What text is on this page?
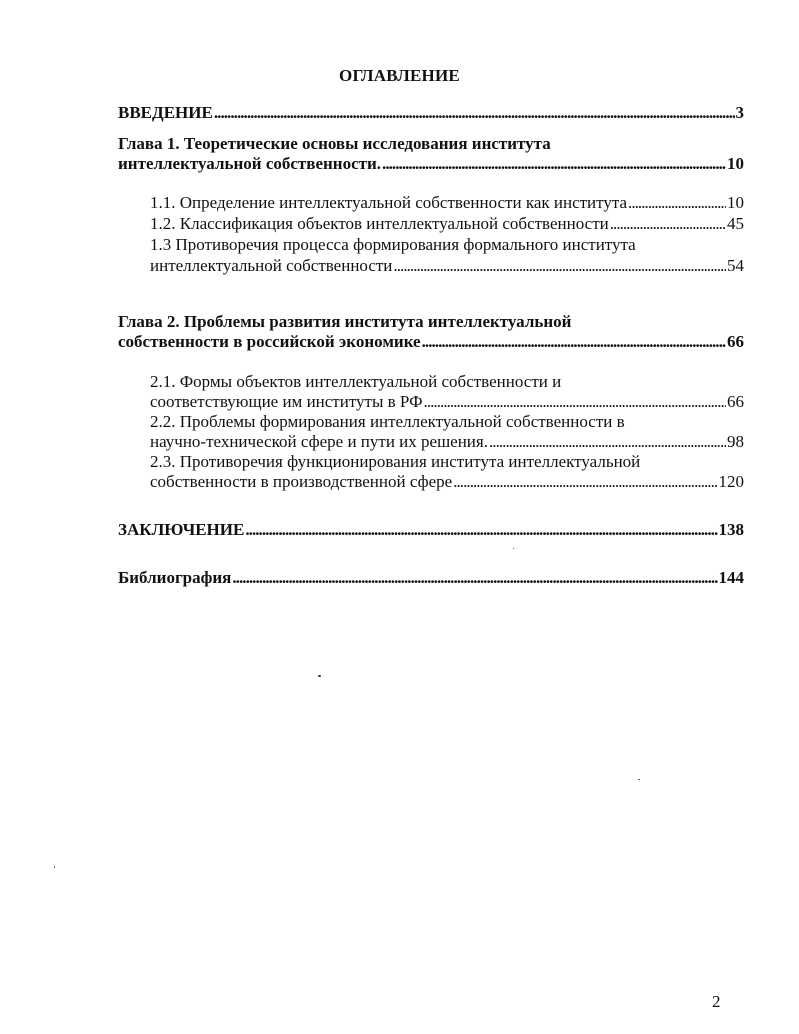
ОГЛАВЛЕНИЕ
ВВЕДЕНИЕ . . .	3
Глава 1. Теоретические основы исследования института
интеллектуальной собственности. . . .	10
1.1. Определение интеллектуальной собственности как института . . .	10
1.2. Классификация объектов интеллектуальной собственности . . .	45
1.3 Противоречия процесса формирования формального института
интеллектуальной собственности . . .	54
Глава 2. Проблемы развития института интеллектуальной
собственности в российской экономике . . .	66
2.1. Формы объектов интеллектуальной собственности и
соответствующие им институты в РФ . . .	66
2.2. Проблемы формирования интеллектуальной собственности в
научно-технической сфере и пути их решения. . . .	98
2.3. Противоречия функционирования института интеллектуальной
собственности в производственной сфере . . .	120
ЗАКЛЮЧЕНИЕ . . .	138
Библиография . . .	144
2
